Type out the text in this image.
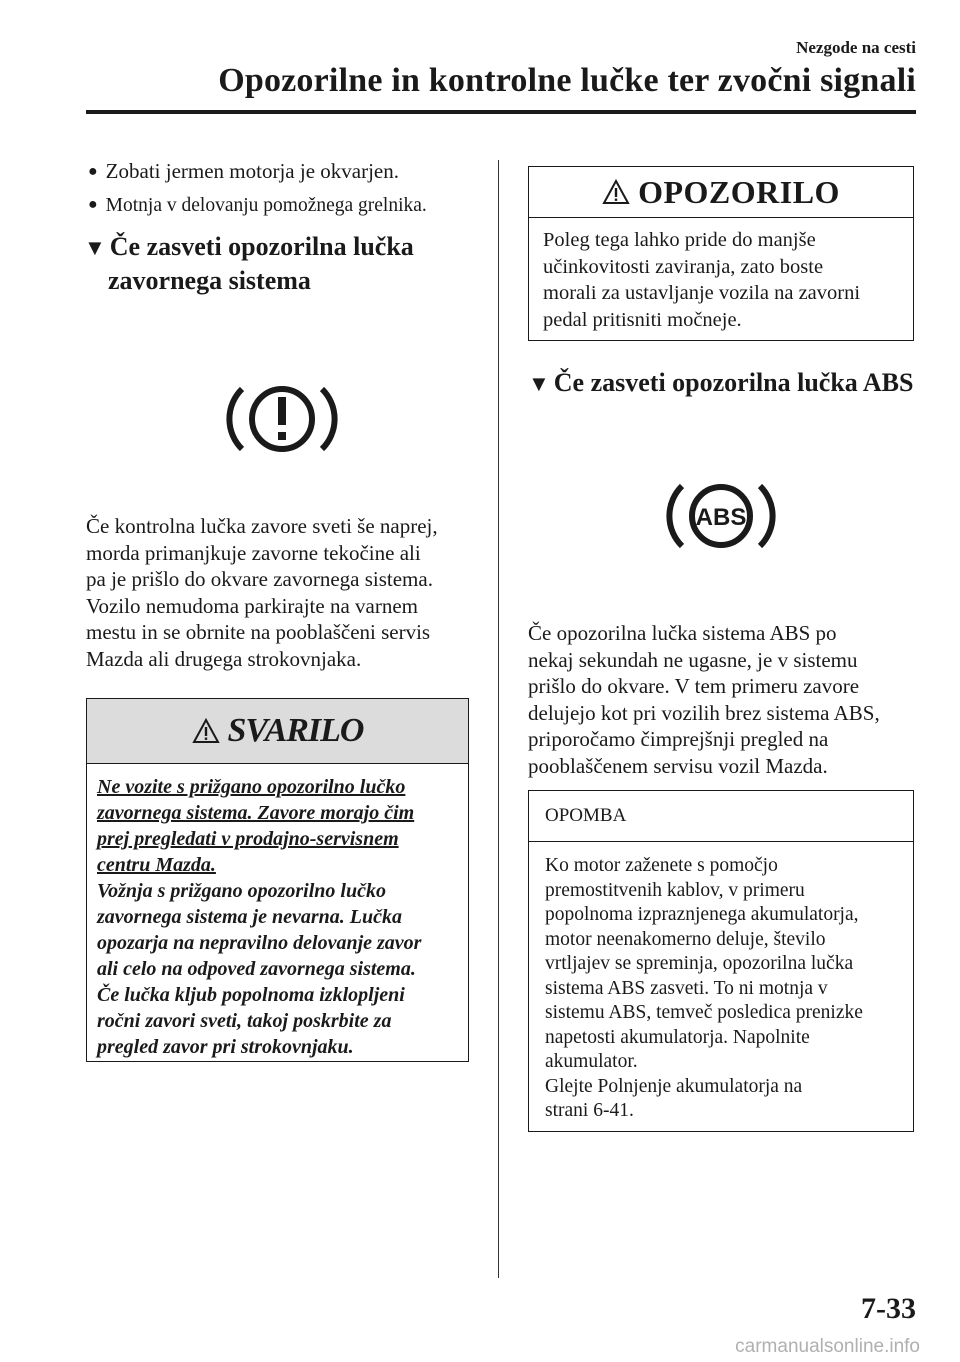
Nezgode na cesti
Opozorilne in kontrolne lučke ter zvočni signali
● Zobati jermen motorja je okvarjen.
● Motnja v delovanju pomožnega grelnika.
▼ Če zasveti opozorilna lučka
zavornega sistema
Če kontrolna lučka zavore sveti še naprej,
morda primanjkuje zavorne tekočine ali
pa je prišlo do okvare zavornega sistema.
Vozilo nemudoma parkirajte na varnem
mestu in se obrnite na pooblaščeni servis
Mazda ali drugega strokovnjaka.
SVARILO
Ne vozite s prižgano opozorilno lučko
zavornega sistema. Zavore morajo čim
prej pregledati v prodajno-servisnem
centru Mazda.
Vožnja s prižgano opozorilno lučko
zavornega sistema je nevarna. Lučka
opozarja na nepravilno delovanje zavor
ali celo na odpoved zavornega sistema.
Če lučka kljub popolnoma izklopljeni
ročni zavori sveti, takoj poskrbite za
pregled zavor pri strokovnjaku.
OPOZORILO
Poleg tega lahko pride do manjše
učinkovitosti zaviranja, zato boste
morali za ustavljanje vozila na zavorni
pedal pritisniti močneje.
▼ Če zasveti opozorilna lučka ABS
ABS
Če opozorilna lučka sistema ABS po
nekaj sekundah ne ugasne, je v sistemu
prišlo do okvare. V tem primeru zavore
delujejo kot pri vozilih brez sistema ABS,
priporočamo čimprejšnji pregled na
pooblaščenem servisu vozil Mazda.
OPOMBA
Ko motor zaženete s pomočjo
premostitvenih kablov, v primeru
popolnoma izpraznjenega akumulatorja,
motor neenakomerno deluje, število
vrtljajev se spreminja, opozorilna lučka
sistema ABS zasveti. To ni motnja v
sistemu ABS, temveč posledica prenizke
napetosti akumulatorja. Napolnite
akumulator.
Glejte Polnjenje akumulatorja na
strani 6-41.
7-33
carmanualsonline.info
